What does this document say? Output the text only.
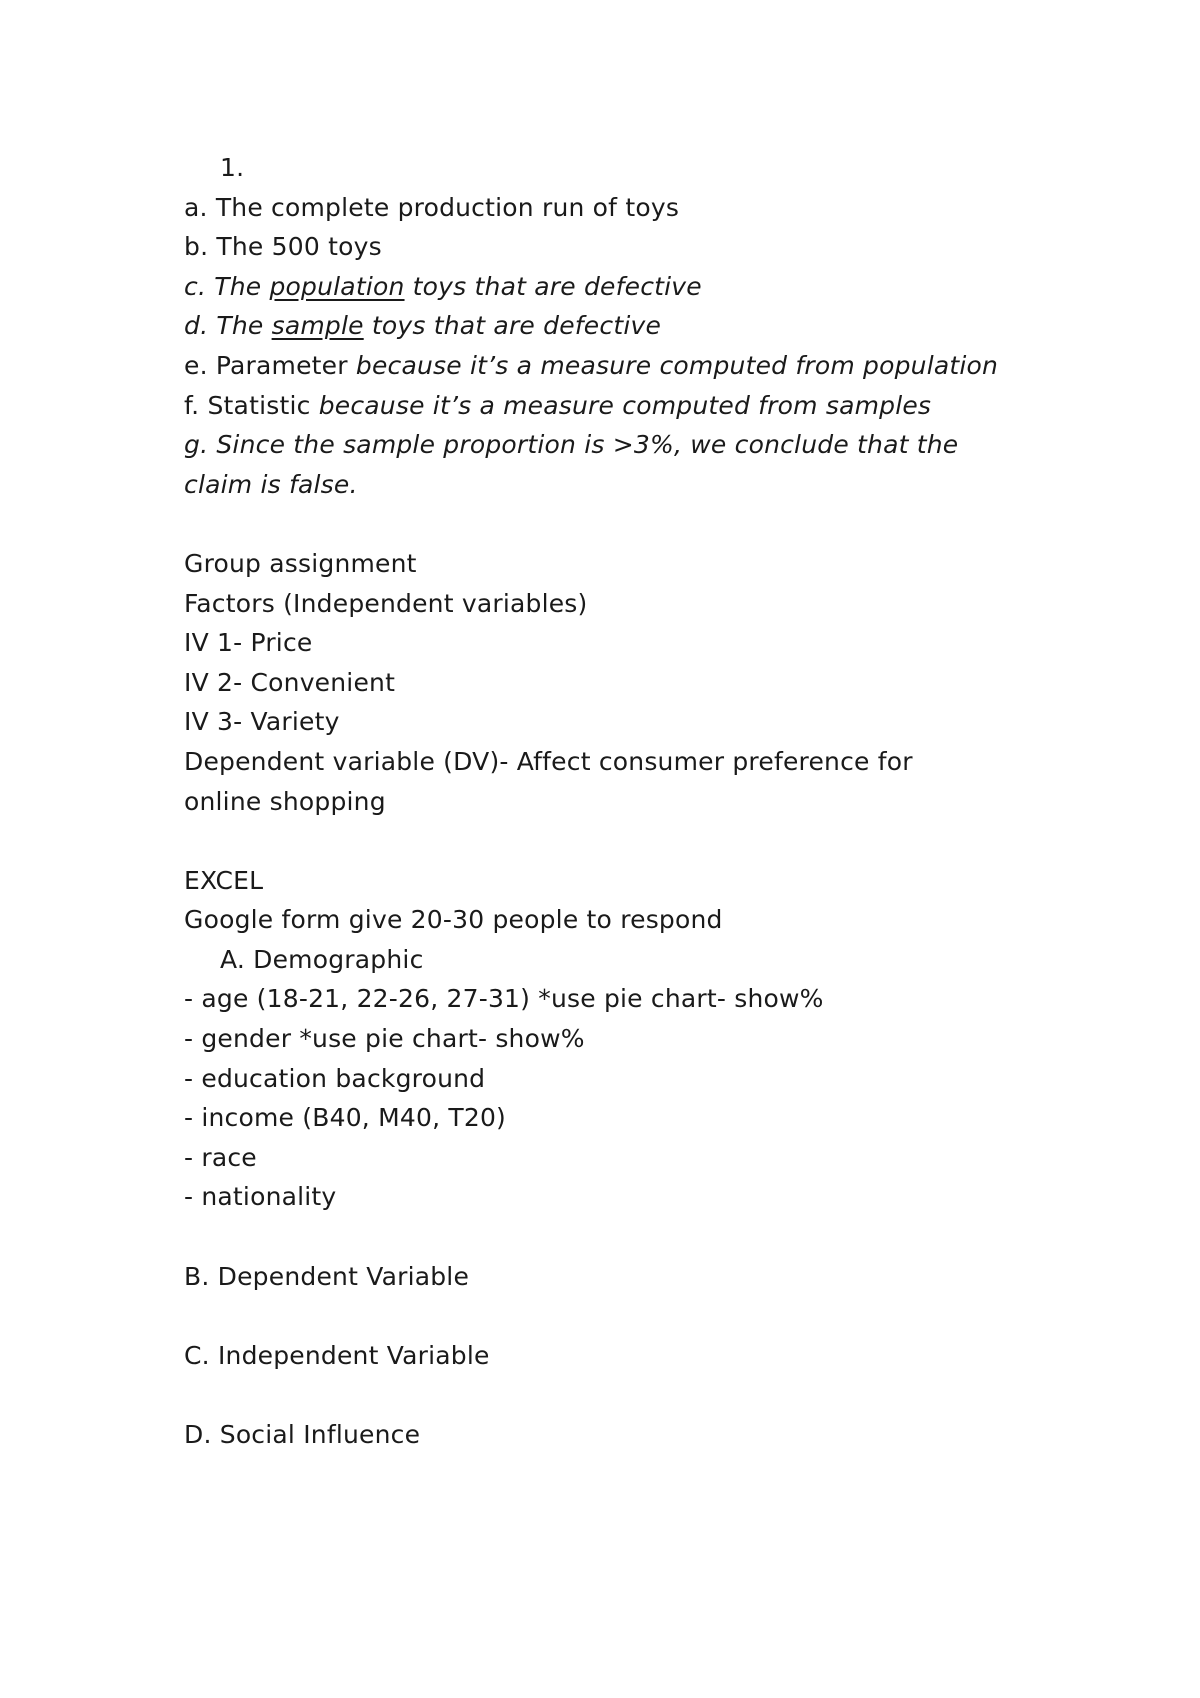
1.
a. The complete production run of toys
b. The 500 toys
c. The population toys that are defective
d. The sample toys that are defective
e. Parameter because it’s a measure computed from population
f. Statistic because it’s a measure computed from samples
g. Since the sample proportion is >3%, we conclude that the
claim is false.
Group assignment
Factors (Independent variables)
IV 1- Price
IV 2- Convenient
IV 3- Variety
Dependent variable (DV)- Affect consumer preference for
online shopping
EXCEL
Google form give 20-30 people to respond
A. Demographic
- age (18-21, 22-26, 27-31) *use pie chart- show%
- gender *use pie chart- show%
- education background
- income (B40, M40, T20)
- race
- nationality
B. Dependent Variable
C. Independent Variable
D. Social Influence
